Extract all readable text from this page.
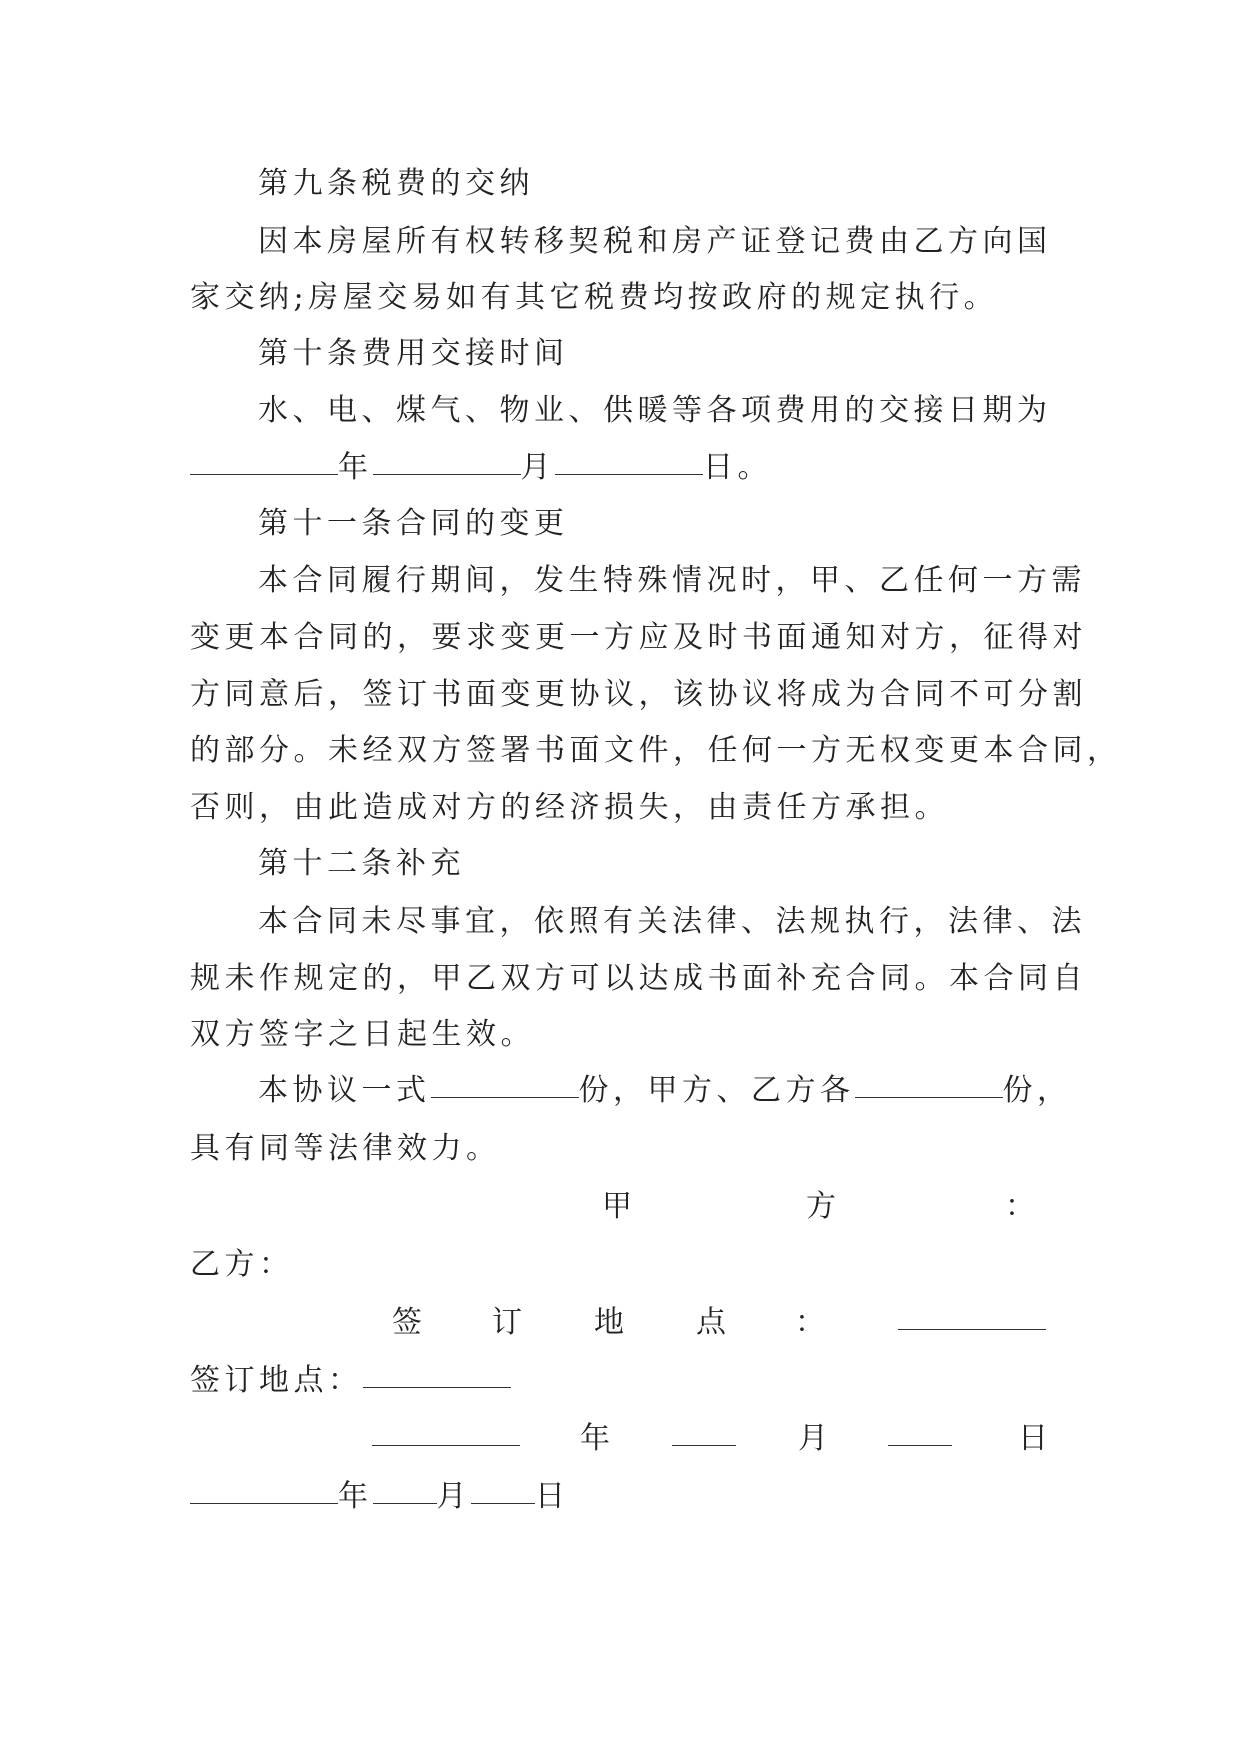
第九条税费的交纳
因本房屋所有权转移契税和房产证登记费由乙方向国
家交纳;房屋交易如有其它税费均按政府的规定执行。
第十条费用交接时间
水、电、煤气、物业、供暖等各项费用的交接日期为
年	月	日。
第十一条合同的变更
本合同履行期间，发生特殊情况时，甲、乙任何一方需
变更本合同的，要求变更一方应及时书面通知对方，征得对
方同意后，签订书面变更协议，该协议将成为合同不可分割
的部分。未经双方签署书面文件，任何一方无权变更本合同，
否则，由此造成对方的经济损失，由责任方承担。
第十二条补充
本合同未尽事宜，依照有关法律、法规执行，法律、法
规未作规定的，甲乙双方可以达成书面补充合同。本合同自
双方签字之日起生效。
本协议一式	份，甲方、乙方各	份，
具有同等法律效力。
甲	方	：
乙方：
签 订 地 点 ：
签订地点：
年	月	日
年 月 日
